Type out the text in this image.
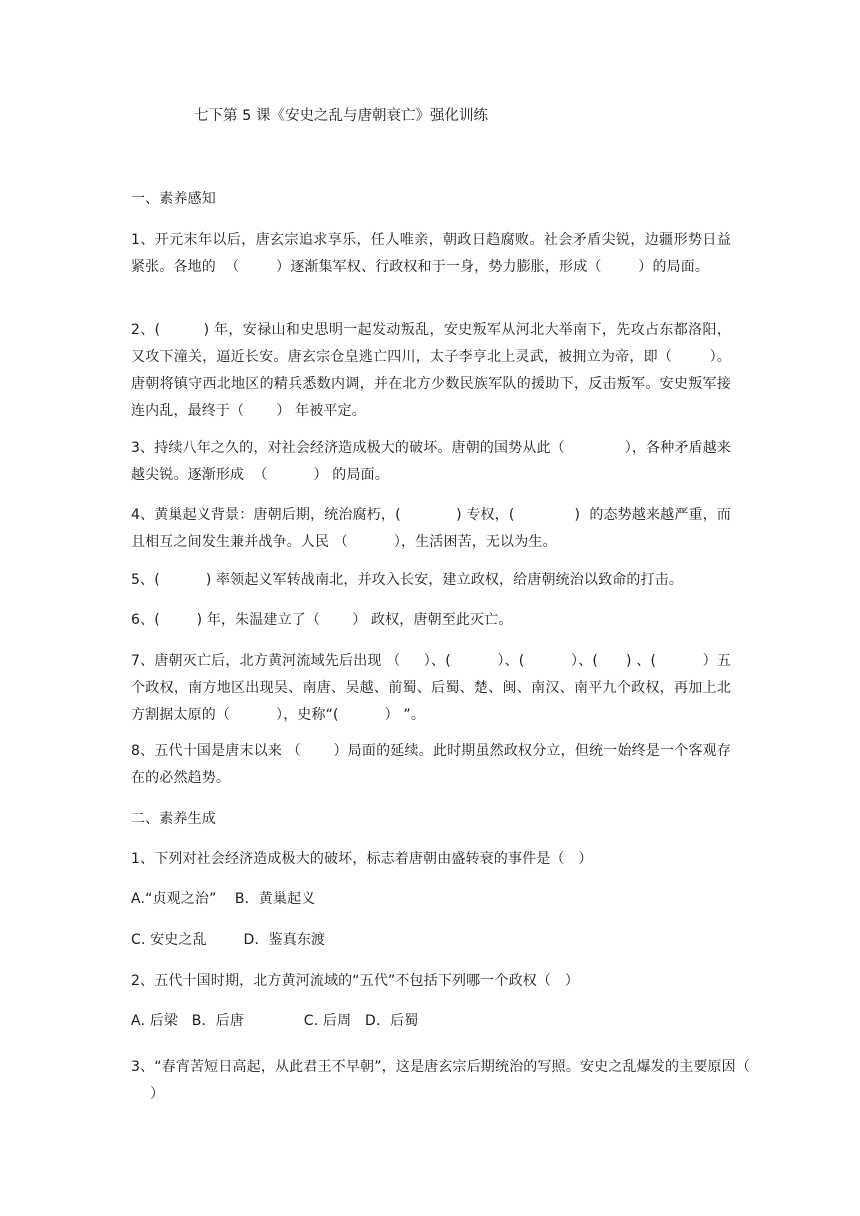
七下第 5 课《安史之乱与唐朝衰亡》强化训练

一、素养感知

1、开元末年以后，唐玄宗追求享乐，任人唯亲，朝政日趋腐败。社会矛盾尖锐，边疆形势日益紧张。各地的  （        ）逐渐集军权、行政权和于一身，势力膨胀，形成（        ）的局面。

2、(         ) 年，安禄山和史思明一起发动叛乱，安史叛军从河北大举南下，先攻占东都洛阳，又攻下潼关，逼近长安。唐玄宗仓皇逃亡四川，太子李亨北上灵武，被拥立为帝，即（        ）。唐朝将镇守西北地区的精兵悉数内调，并在北方少数民族军队的援助下，反击叛军。安史叛军接连内乱，最终于（       ） 年被平定。

3、持续八年之久的，对社会经济造成极大的破坏。唐朝的国势从此（             ），各种矛盾越来越尖锐。逐渐形成  （          ） 的局面。

4、黄巢起义背景：唐朝后期，统治腐朽，(            ) 专权，(             )  的态势越来越严重，而且相互之间发生兼并战争。人民 （          ），生活困苦，无以为生。

5、(          ) 率领起义军转战南北，并攻入长安，建立政权，给唐朝统治以致命的打击。

6、(        ) 年，朱温建立了（       ） 政权，唐朝至此灭亡。

7、唐朝灭亡后，北方黄河流域先后出现 （     ）、(          ）、(          ）、(      ) 、(          ）五个政权，南方地区出现吴、南唐、吴越、前蜀、后蜀、楚、闽、南汉、南平九个政权，再加上北方割据太原的（          ），史称“(          ） ”。

8、五代十国是唐末以来 （       ）局面的延续。此时期虽然政权分立，但统一始终是一个客观存在的必然趋势。

二、素养生成

1、下列对社会经济造成极大的破坏，标志着唐朝由盛转衰的事件是（   ）

A.“贞观之治”    B．黄巢起义

C. 安史之乱        D．鉴真东渡

2、五代十国时期，北方黄河流域的“五代”不包括下列哪一个政权（   ）

A. 后梁   B．后唐             C. 后周   D．后蜀

3、“春宵苦短日高起，从此君王不早朝”，这是唐玄宗后期统治的写照。安史之乱爆发的主要原因（       ）
